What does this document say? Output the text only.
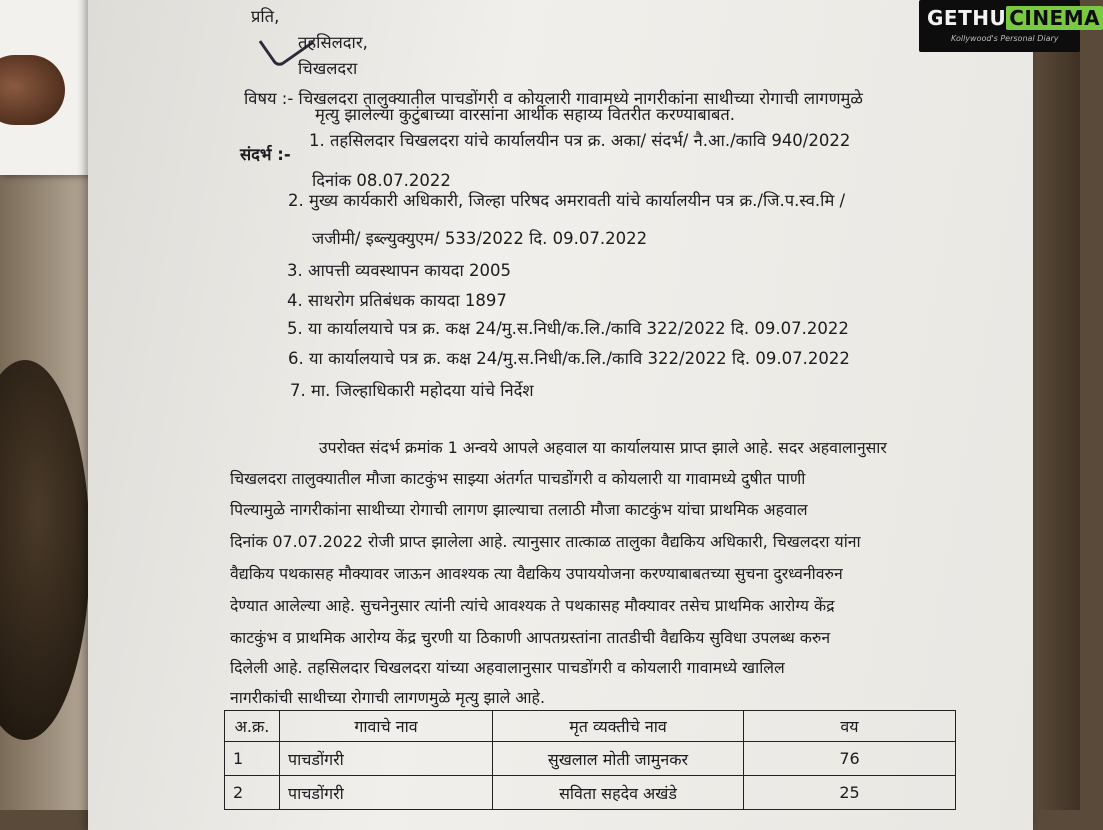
प्रति,
तहसिलदार,
चिखलदरा
विषय :- चिखलदरा तालुक्यातील पाचडोंगरी व कोयलारी गावामध्ये नागरीकांना साथीच्या रोगाची लागणमुळे
मृत्यु झालेल्या कुटुंबाच्या वारसांना आर्थीक सहाय्य वितरीत करण्याबाबत.
संदर्भ :-
1. तहसिलदार चिखलदरा यांचे कार्यालयीन पत्र क्र. अका/ संदर्भ/ नै.आ./कावि 940/2022
दिनांक 08.07.2022
2. मुख्य कार्यकारी अधिकारी, जिल्हा परिषद अमरावती यांचे कार्यालयीन पत्र क्र./जि.प.स्व.मि /
जजीमी/ इब्ल्युक्युएम/ 533/2022 दि. 09.07.2022
3. आपत्ती व्यवस्थापन कायदा 2005
4. साथरोग प्रतिबंधक कायदा 1897
5. या कार्यालयाचे पत्र क्र. कक्ष 24/मु.स.निधी/क.लि./कावि 322/2022 दि. 09.07.2022
6. या कार्यालयाचे पत्र क्र. कक्ष 24/मु.स.निधी/क.लि./कावि 322/2022 दि. 09.07.2022
7. मा. जिल्हाधिकारी महोदया यांचे निर्देश
उपरोक्त संदर्भ क्रमांक 1 अन्वये आपले अहवाल या कार्यालयास प्राप्त झाले आहे. सदर अहवालानुसार
चिखलदरा तालुक्यातील मौजा काटकुंभ साझ्या अंतर्गत पाचडोंगरी व कोयलारी या गावामध्ये दुषीत पाणी
पिल्यामुळे नागरीकांना साथीच्या रोगाची लागण झाल्याचा तलाठी मौजा काटकुंभ यांचा प्राथमिक अहवाल
दिनांक 07.07.2022 रोजी प्राप्त झालेला आहे. त्यानुसार तात्काळ तालुका वैद्यकिय अधिकारी, चिखलदरा यांना
वैद्यकिय पथकासह मौक्यावर जाऊन आवश्यक त्या वैद्यकिय उपाययोजना करण्याबाबतच्या सुचना दुरध्वनीवरुन
देण्यात आलेल्या आहे. सुचनेनुसार त्यांनी त्यांचे आवश्यक ते पथकासह मौक्यावर तसेच प्राथमिक आरोग्य केंद्र
काटकुंभ व प्राथमिक आरोग्य केंद्र चुरणी या ठिकाणी आपतग्रस्तांना तातडीची वैद्यकिय सुविधा उपलब्ध करुन
दिलेली आहे. तहसिलदार चिखलदरा यांच्या अहवालानुसार पाचडोंगरी व कोयलारी गावामध्ये खालिल
नागरीकांची साथीच्या रोगाची लागणमुळे मृत्यु झाले आहे.
अ.क्र.	गावाचे नाव	मृत व्यक्तीचे नाव	वय
1	पाचडोंगरी	सुखलाल मोती जामुनकर	76
2	पाचडोंगरी	सविता सहदेव अखंडे	25
GETHU CINEMA
Kollywood's Personal Diary
